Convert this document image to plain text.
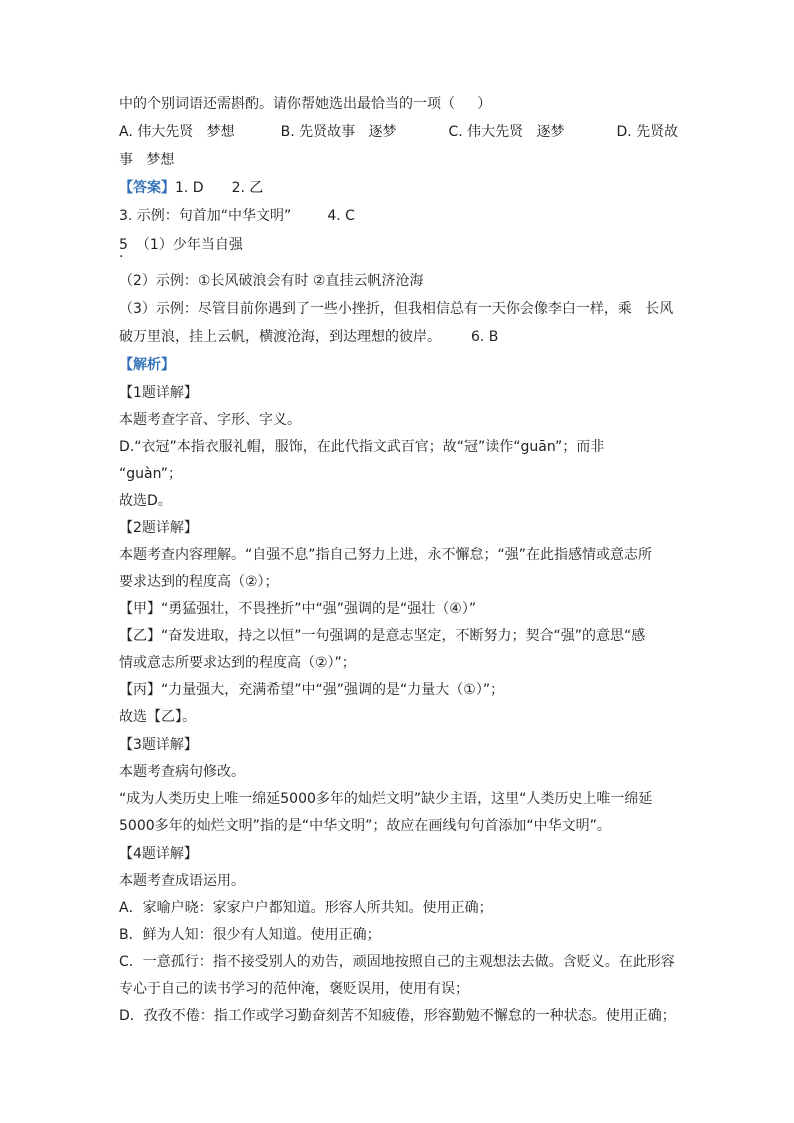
中的个别词语还需斟酌。请你帮她选出最恰当的一项（     ）
A. 伟大先贤   梦想	B. 先贤故事   逐梦	C. 伟大先贤   逐梦	D. 先贤故
事   梦想
【答案】1. D 2. 乙
3. 示例：句首加“中华文明”	4. C
5 （1）少年当自强
·
（2）示例：①长风破浪会有时 ②直挂云帆济沧海
（3）示例：尽管目前你遇到了一些小挫折，但我相信总有一天你会像李白一样，乘   长风
破万里浪，挂上云帆，横渡沧海，到达理想的彼岸。 6. B
【解析】
【1题详解】
本题考查字音、字形、字义。
D.“衣冠”本指衣服礼帽，服饰，在此代指文武百官；故“冠”读作“guān”；而非
“guàn”；
故选D。
【2题详解】
本题考查内容理解。“自强不息”指自己努力上进，永不懈怠；“强”在此指感情或意志所
要求达到的程度高（②）；
【甲】“勇猛强壮，不畏挫折”中“强”强调的是“强壮（④）”
【乙】“奋发进取，持之以恒”一句强调的是意志坚定，不断努力；契合“强”的意思“感
情或意志所要求达到的程度高（②）”；
【丙】“力量强大，充满希望”中“强”强调的是“力量大（①）”；
故选【乙】。
【3题详解】
本题考查病句修改。
“成为人类历史上唯一绵延5000多年的灿烂文明”缺少主语，这里“人类历史上唯一绵延
5000多年的灿烂文明”指的是“中华文明”；故应在画线句句首添加“中华文明”。
【4题详解】
本题考查成语运用。
A．家喻户晓：家家户户都知道。形容人所共知。使用正确；
B．鲜为人知：很少有人知道。使用正确；
C．一意孤行：指不接受别人的劝告，顽固地按照自己的主观想法去做。含贬义。在此形容
专心于自己的读书学习的范仲淹，褒贬误用，使用有误；
D．孜孜不倦：指工作或学习勤奋刻苦不知疲倦，形容勤勉不懈怠的一种状态。使用正确；
